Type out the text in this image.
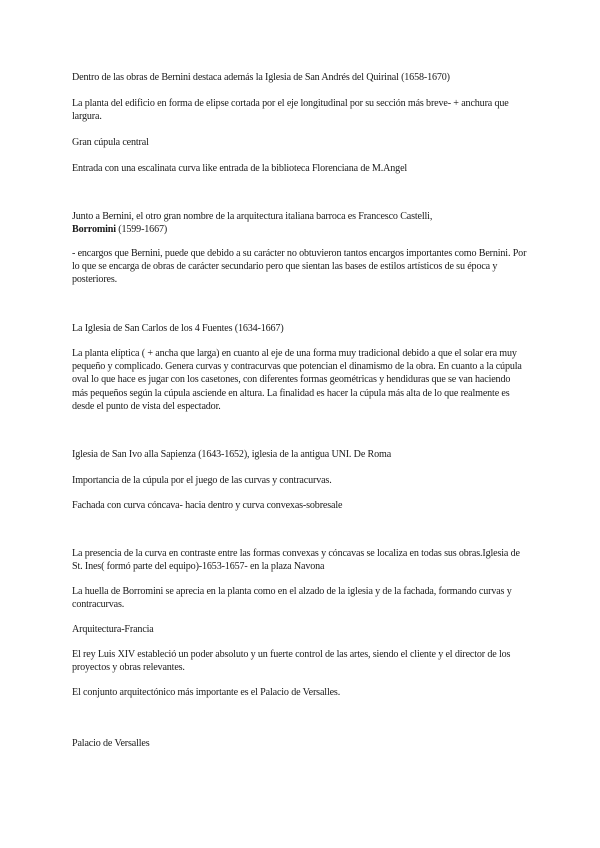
Dentro de las obras de Bernini destaca además la Iglesia de San Andrés del Quirinal (1658-1670)

La planta del edificio en forma de elipse cortada por el eje longitudinal por su sección más breve- + anchura que largura.

Gran cúpula central

Entrada con una escalinata curva like entrada de la biblioteca Florenciana de M.Angel

Junto a Bernini, el otro gran nombre de la arquitectura italiana barroca es Francesco Castelli,
Borromini (1599-1667)

- encargos que Bernini, puede que debido a su carácter no obtuvieron tantos encargos importantes como Bernini. Por lo que se encarga de obras de carácter secundario pero que sientan las bases de estilos artísticos de su época y posteriores.

La Iglesia de San Carlos de los 4 Fuentes (1634-1667)

La planta elíptica ( + ancha que larga) en cuanto al eje de una forma muy tradicional debido a que el solar era muy pequeño y complicado. Genera curvas y contracurvas que potencian el dinamismo de la obra. En cuanto a la cúpula oval lo que hace es jugar con los casetones, con diferentes formas geométricas y hendiduras que se van haciendo más pequeños según la cúpula asciende en altura. La finalidad es hacer la cúpula más alta de lo que realmente es desde el punto de vista del espectador.

Iglesia de San Ivo alla Sapienza (1643-1652), iglesia de la antigua UNI. De Roma

Importancia de la cúpula por el juego de las curvas y contracurvas.

Fachada con curva cóncava- hacia dentro y curva convexas-sobresale

La presencia de la curva en contraste entre las formas convexas y cóncavas se localiza en todas sus obras.Iglesia de St. Ines( formó parte del equipo)-1653-1657- en la plaza Navona

La huella de Borromini se aprecia en la planta como en el alzado de la iglesia y de la fachada, formando curvas y contracurvas.

Arquitectura-Francia

El rey Luis XIV estableció un poder absoluto y un fuerte control de las artes, siendo el cliente y el director de los proyectos y obras relevantes.

El conjunto arquitectónico más importante es el Palacio de Versalles.

Palacio de Versalles
